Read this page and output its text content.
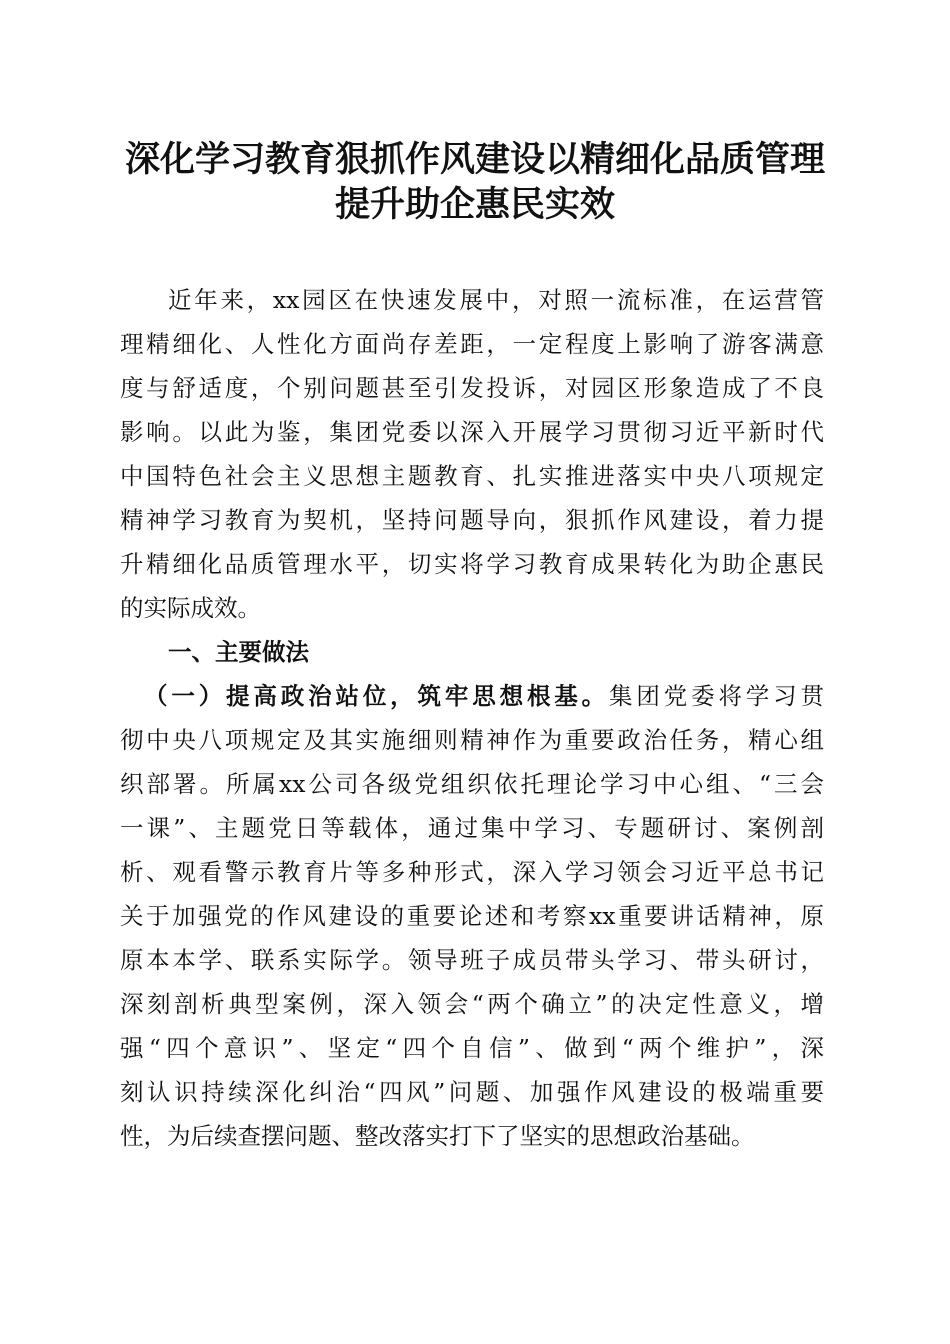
深化学习教育狠抓作风建设以精细化品质管理
提升助企惠民实效
近年来，xx园区在快速发展中，对照一流标准，在运营管
理精细化、人性化方面尚存差距，一定程度上影响了游客满意
度与舒适度，个别问题甚至引发投诉，对园区形象造成了不良
影响。以此为鉴，集团党委以深入开展学习贯彻习近平新时代
中国特色社会主义思想主题教育、扎实推进落实中央八项规定
精神学习教育为契机，坚持问题导向，狠抓作风建设，着力提
升精细化品质管理水平，切实将学习教育成果转化为助企惠民
的实际成效。
一、主要做法
（一）提高政治站位，筑牢思想根基。集团党委将学习贯
彻中央八项规定及其实施细则精神作为重要政治任务，精心组
织部署。所属xx公司各级党组织依托理论学习中心组、“三会
一课”、主题党日等载体，通过集中学习、专题研讨、案例剖
析、观看警示教育片等多种形式，深入学习领会习近平总书记
关于加强党的作风建设的重要论述和考察xx重要讲话精神，原
原本本学、联系实际学。领导班子成员带头学习、带头研讨，
深刻剖析典型案例，深入领会“两个确立”的决定性意义，增
强“四个意识”、坚定“四个自信”、做到“两个维护”，深
刻认识持续深化纠治“四风”问题、加强作风建设的极端重要
性，为后续查摆问题、整改落实打下了坚实的思想政治基础。
